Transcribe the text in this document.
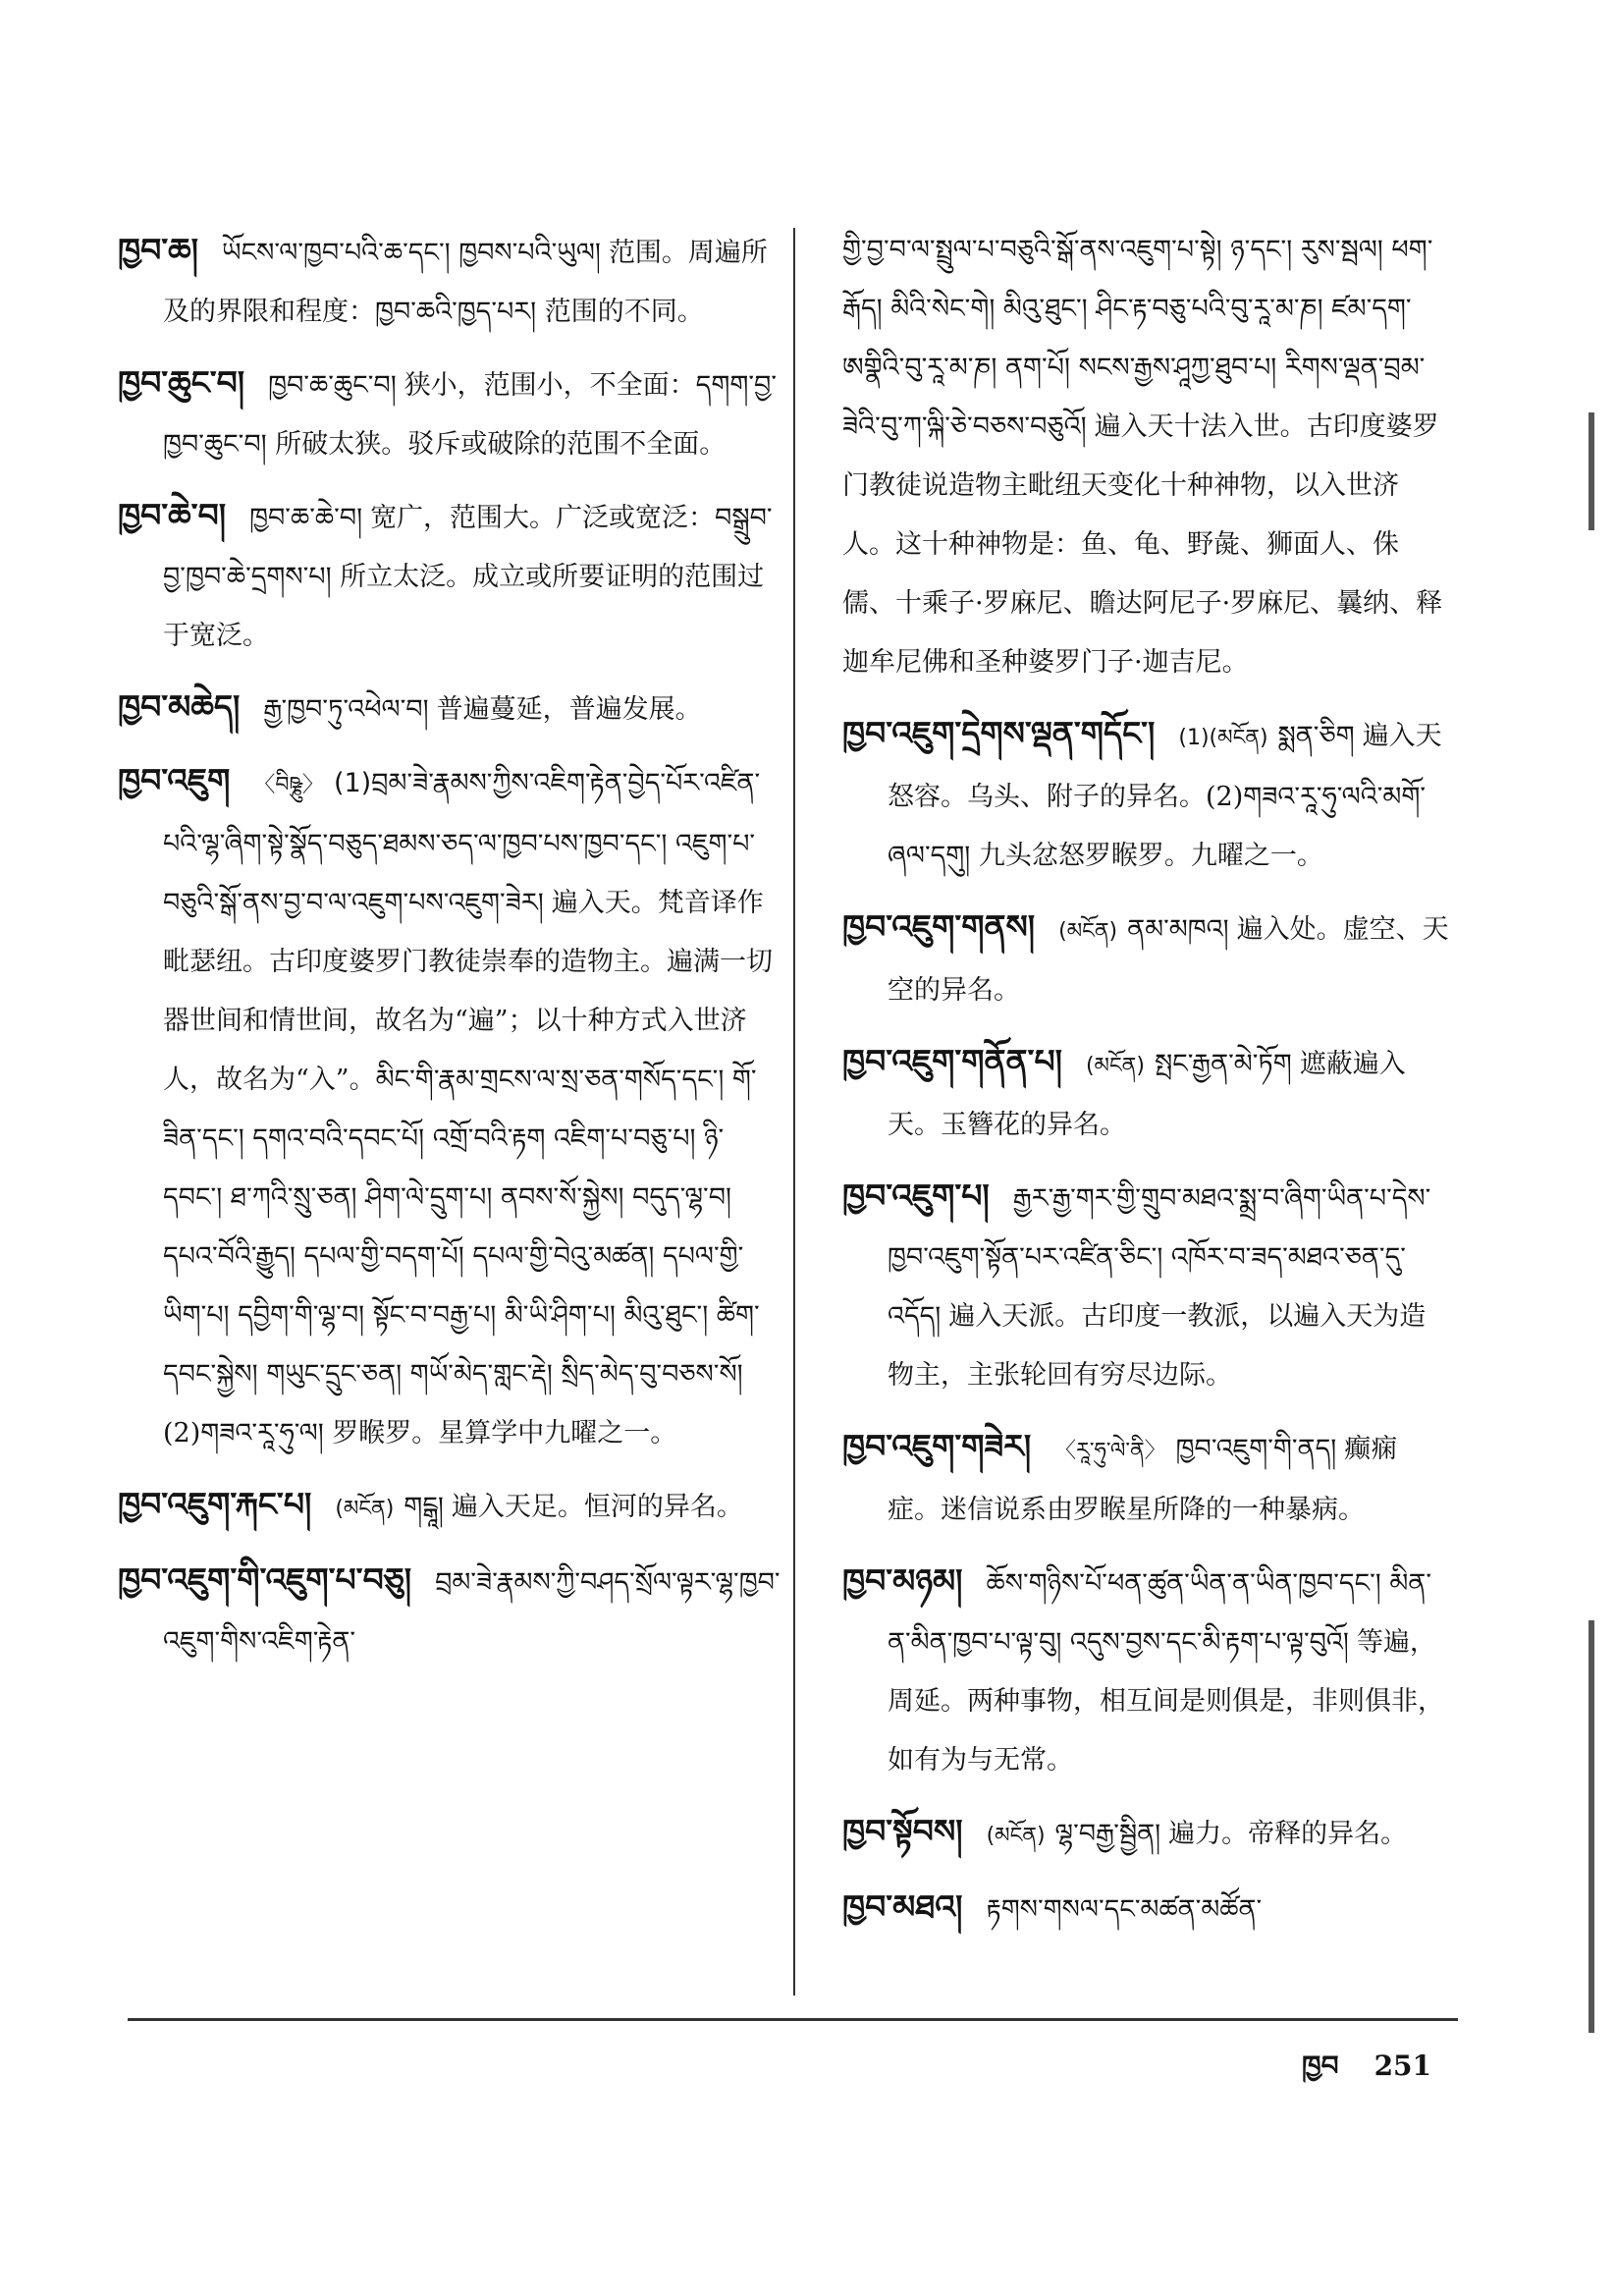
ཁྱབ་ཆ། ཡོངས་ལ་ཁྱབ་པའི་ཆ་དང་། ཁྱབས་པའི་ཡུལ། 范围。周遍所及的界限和程度：ཁྱབ་ཆའི་ཁྱད་པར། 范围的不同。

ཁྱབ་ཆུང་བ། ཁྱབ་ཆ་ཆུང་བ། 狭小，范围小，不全面：དགག་བྱ་ཁྱབ་ཆུང་བ། 所破太狭。驳斥或破除的范围不全面。

ཁྱབ་ཆེ་བ། ཁྱབ་ཆ་ཆེ་བ། 宽广，范围大。广泛或宽泛：བསྒྲུབ་བྱ་ཁྱབ་ཆེ་དྲགས་པ། 所立太泛。成立或所要证明的范围过于宽泛。

ཁྱབ་མཆེད། རྒྱ་ཁྱབ་ཏུ་འཕེལ་བ། 普遍蔓延，普遍发展。

ཁྱབ་འཇུག 〈བིཥྞུ〉 (1)བྲམ་ཟེ་རྣམས་ཀྱིས་འཇིག་རྟེན་བྱེད་པོར་འཛིན་པའི་ལྷ་ཞིག་སྟེ་སྣོད་བཅུད་ཐམས་ཅད་ལ་ཁྱབ་པས་ཁྱབ་དང་། འཇུག་པ་བཅུའི་སྒོ་ནས་བྱ་བ་ལ་འཇུག་པས་འཇུག་ཟེར། 遍入天。梵音译作毗瑟纽。古印度婆罗门教徒崇奉的造物主。遍满一切器世间和情世间，故名为“遍”；以十种方式入世济人，故名为“入”。མིང་གི་རྣམ་གྲངས་ལ་སྲ་ཅན་གསོད་དང་། གོ་ཟིན་དང་། དགའ་བའི་དབང་པོ། འགྲོ་བའི་རྟག འཇིག་པ་བཅུ་པ། ཉི་དབང་། ཐ་ཀའི་སྲུ་ཅན། ཤིག་ལེ་དྲུག་པ། ནབས་སོ་སྐྱེས། བདུད་ལྷ་བ། དཔའ་བོའི་རྒྱུད། དཔལ་གྱི་བདག་པོ། དཔལ་གྱི་བེའུ་མཚན། དཔལ་གྱི་ཡིག་པ། དབྱིག་གི་ལྷ་བ། སྟོང་བ་བརྒྱ་པ། མི་ཡི་ཤིག་པ། མིའུ་ཐུང་། ཚིག་དབང་སྐྱེས། གཡུང་དྲུང་ཅན། གཡོ་མེད་གླང་རྡེ། སྲིད་མེད་བུ་བཅས་སོ། (2)གཟའ་རཱ་ཧུ་ལ། 罗睺罗。星算学中九曜之一。

ཁྱབ་འཇུག་རྐང་པ། (མངོན) གངྒཱ། 遍入天足。恒河的异名。

ཁྱབ་འཇུག་གི་འཇུག་པ་བཅུ། བྲམ་ཟེ་རྣམས་ཀྱི་བཤད་སྲོལ་ལྟར་ལྷ་ཁྱབ་འཇུག་གིས་འཇིག་རྟེན་

གྱི་བྱ་བ་ལ་སྤྲུལ་པ་བཅུའི་སྒོ་ནས་འཇུག་པ་སྟེ། ཉ་དང་། རུས་སྦལ། ཕག་རྒོད། མིའི་སེང་གེ། མིའུ་ཐུང་། ཤིང་རྟ་བཅུ་པའི་བུ་རཱ་མ་ཎ། ཛམ་དག་ཨགྣིའི་བུ་རཱ་མ་ཎ། ནག་པོ། སངས་རྒྱས་ཤཱཀྱ་ཐུབ་པ། རིགས་ལྡན་བྲམ་ཟེའི་བུ་ཀ་ལྐི་ཅེ་བཅས་བཅུའོ། 遍入天十法入世。古印度婆罗门教徒说造物主毗纽天变化十种神物，以入世济人。这十种神物是：鱼、龟、野彘、狮面人、侏儒、十乘子·罗麻尼、瞻达阿尼子·罗麻尼、曩纳、释迦牟尼佛和圣种婆罗门子·迦吉尼。

ཁྱབ་འཇུག་དྲེགས་ལྡན་གདོང་། (1)(མངོན) སྨན་ཅིག 遍入天怒容。乌头、附子的异名。(2)གཟའ་རཱ་ཧུ་ལའི་མགོ་ཞལ་དགུ། 九头忿怒罗睺罗。九曜之一。

ཁྱབ་འཇུག་གནས། (མངོན) ནམ་མཁའ། 遍入处。虚空、天空的异名。

ཁྱབ་འཇུག་གནོན་པ། (མངོན) སྤང་རྒྱན་མེ་ཏོག 遮蔽遍入天。玉簪花的异名。

ཁྱབ་འཇུག་པ། རྒྱར་རྒྱ་གར་གྱི་གྲུབ་མཐའ་སྨྲ་བ་ཞིག་ཡིན་པ་དེས་ཁྱབ་འཇུག་སྟོན་པར་འཛིན་ཅིང་། འཁོར་བ་ཟད་མཐའ་ཅན་དུ་འདོད། 遍入天派。古印度一教派，以遍入天为造物主，主张轮回有穷尽边际。

ཁྱབ་འཇུག་གཟེར། 〈རཱ་ཧུ་ལེ་ནི〉 ཁྱབ་འཇུག་གི་ནད། 癫痫症。迷信说系由罗睺星所降的一种暴病。

ཁྱབ་མཉམ། ཆོས་གཉིས་པོ་ཕན་ཚུན་ཡིན་ན་ཡིན་ཁྱབ་དང་། མིན་ན་མིན་ཁྱབ་པ་ལྟ་བུ། འདུས་བྱས་དང་མི་རྟག་པ་ལྟ་བུའོ། 等遍，周延。两种事物，相互间是则俱是，非则俱非，如有为与无常。

ཁྱབ་སྟོབས། (མངོན) ལྷ་བརྒྱ་སྦྱིན། 遍力。帝释的异名。

ཁྱབ་མཐའ། རྟགས་གསལ་དང་མཚན་མཚོན་

ཁྱབ 251
